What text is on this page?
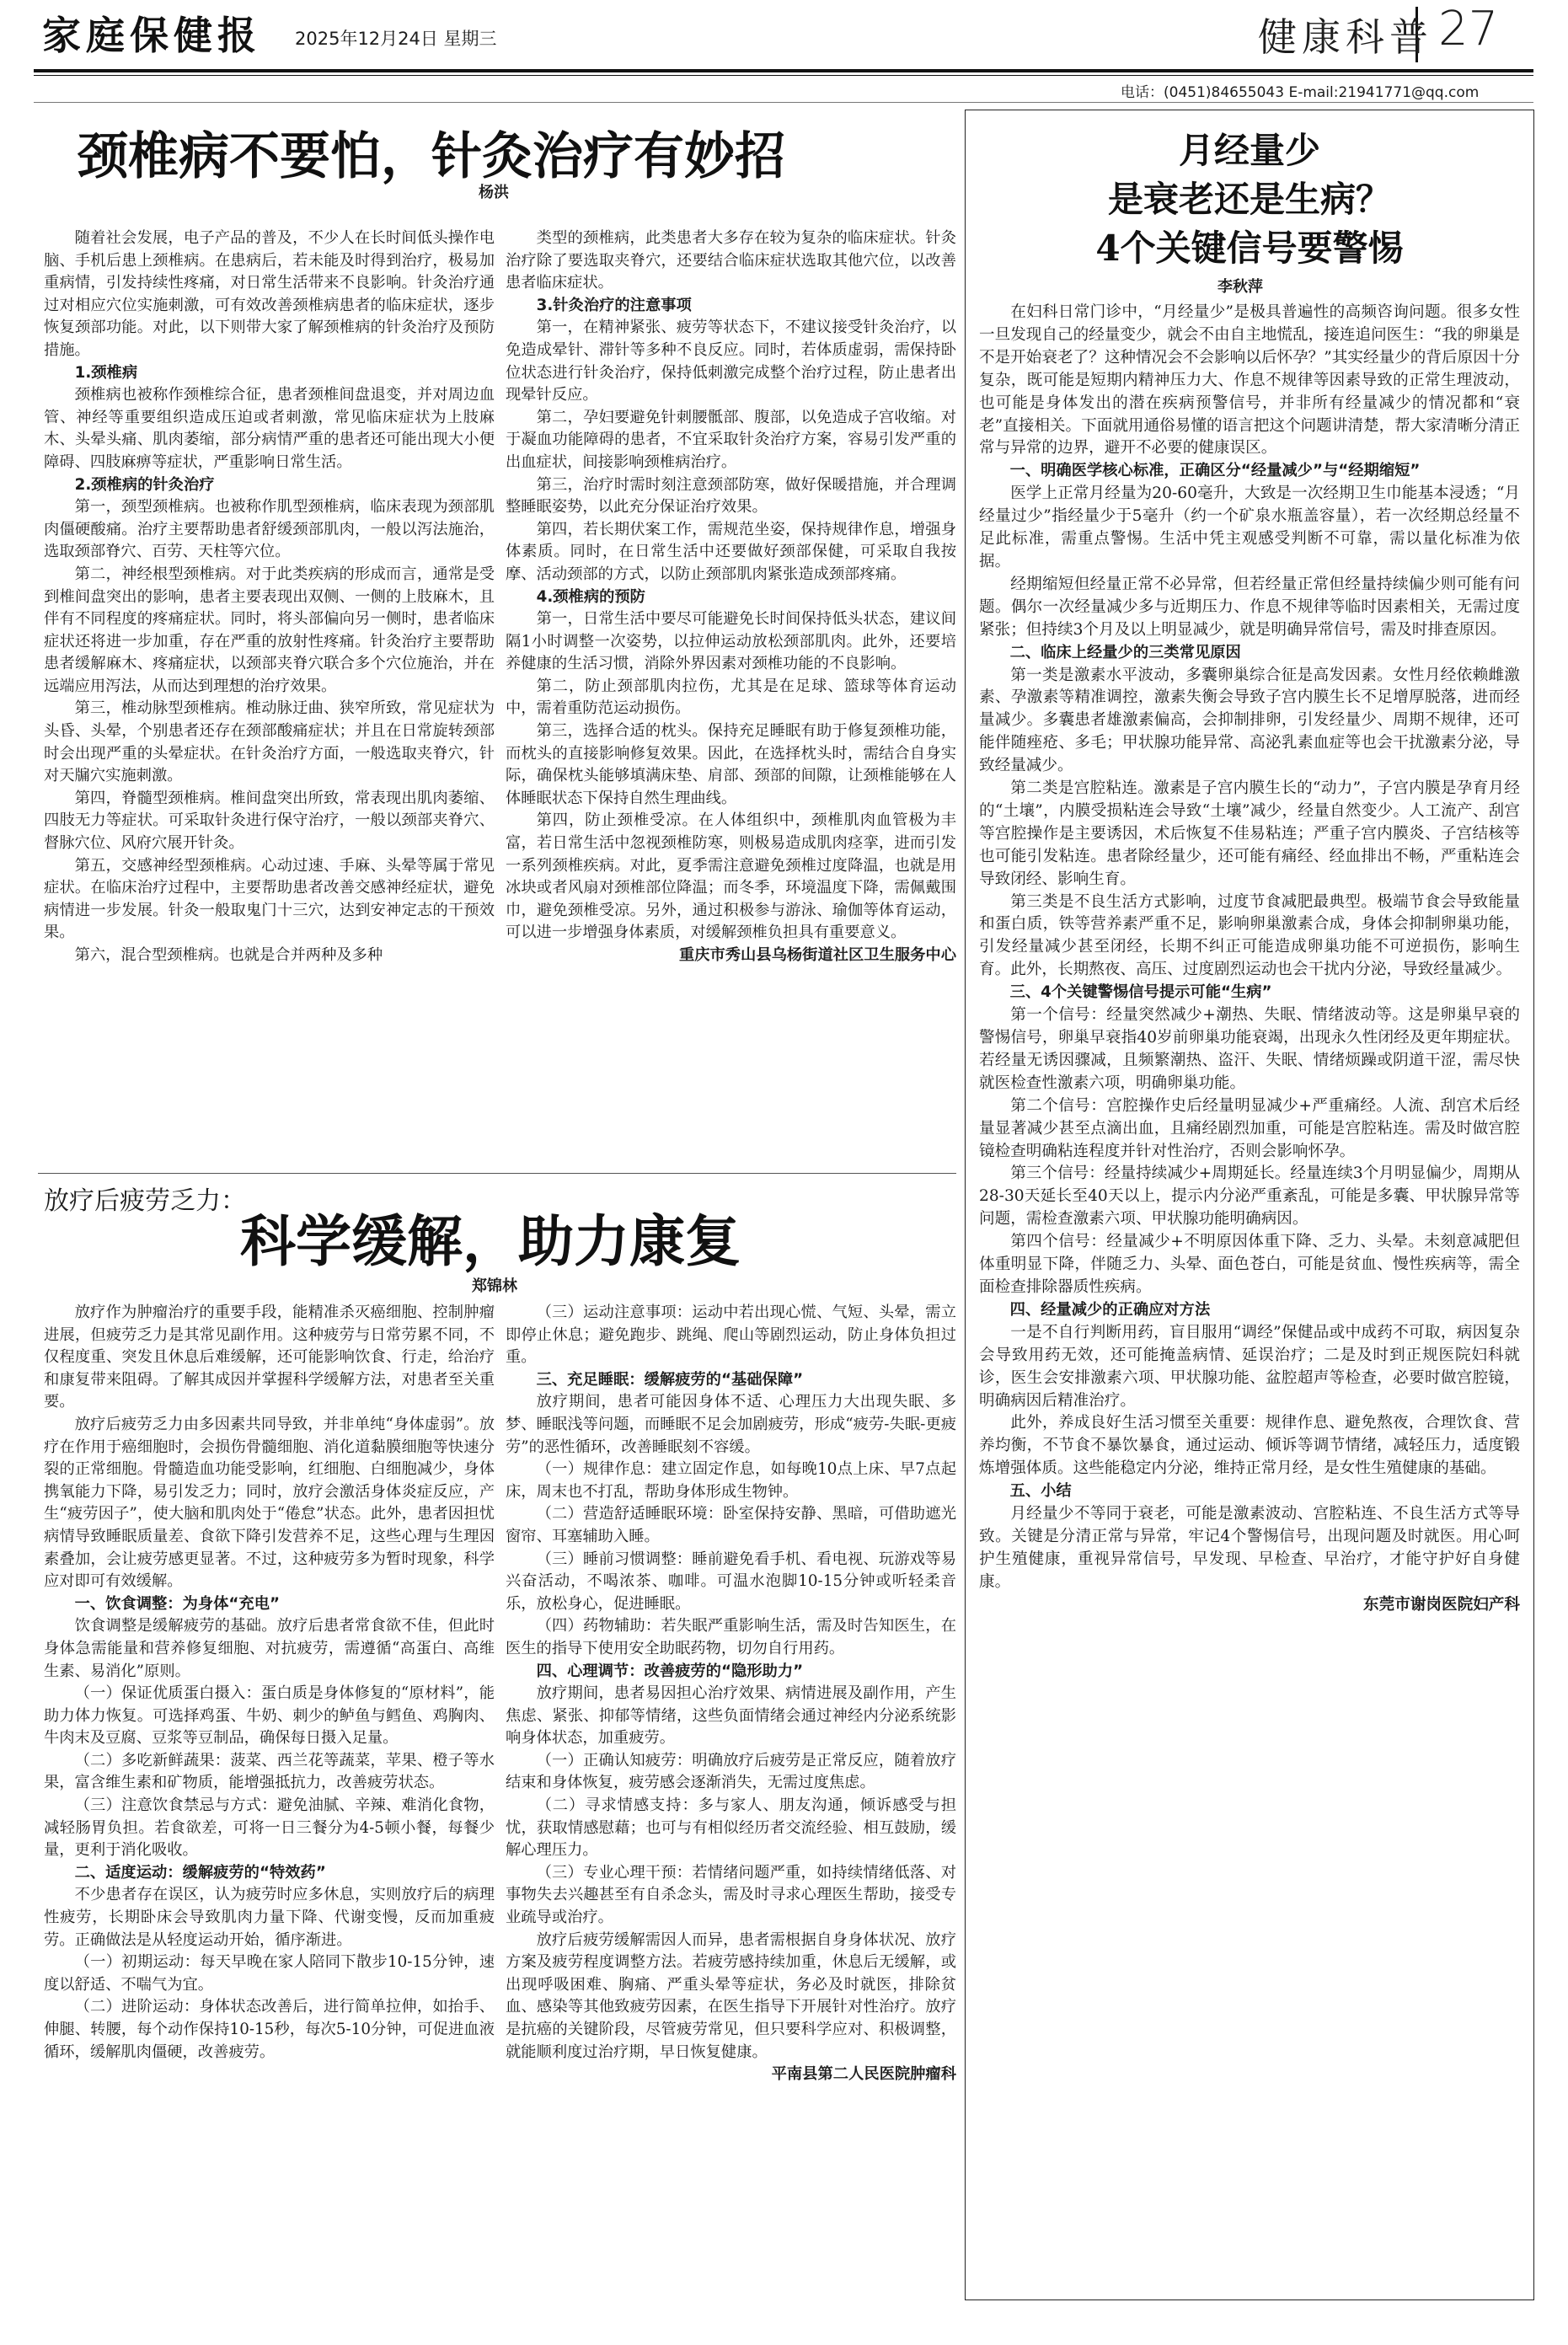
家庭保健报 2025年12月24日 星期三	健康科普 27
电话：(0451)84655043 E-mail:21941771@qq.com
颈椎病不要怕，针灸治疗有妙招
杨洪

随着社会发展，电子产品的普及，不少人在长时间低头操作电脑、手机后患上颈椎病。在患病后，若未能及时得到治疗，极易加重病情，引发持续性疼痛，对日常生活带来不良影响。针灸治疗通过对相应穴位实施刺激，可有效改善颈椎病患者的临床症状，逐步恢复颈部功能。对此，以下则带大家了解颈椎病的针灸治疗及预防措施。

1.颈椎病

颈椎病也被称作颈椎综合征，患者颈椎间盘退变，并对周边血管、神经等重要组织造成压迫或者刺激，常见临床症状为上肢麻木、头晕头痛、肌肉萎缩，部分病情严重的患者还可能出现大小便障碍、四肢麻痹等症状，严重影响日常生活。

2.颈椎病的针灸治疗

第一，颈型颈椎病。也被称作肌型颈椎病，临床表现为颈部肌肉僵硬酸痛。治疗主要帮助患者舒缓颈部肌肉，一般以泻法施治，选取颈部脊穴、百劳、天柱等穴位。

第二，神经根型颈椎病。对于此类疾病的形成而言，通常是受到椎间盘突出的影响，患者主要表现出双侧、一侧的上肢麻木，且伴有不同程度的疼痛症状。同时，将头部偏向另一侧时，患者临床症状还将进一步加重，存在严重的放射性疼痛。针灸治疗主要帮助患者缓解麻木、疼痛症状，以颈部夹脊穴联合多个穴位施治，并在远端应用泻法，从而达到理想的治疗效果。

第三，椎动脉型颈椎病。椎动脉迂曲、狭窄所致，常见症状为头昏、头晕，个别患者还存在颈部酸痛症状；并且在日常旋转颈部时会出现严重的头晕症状。在针灸治疗方面，一般选取夹脊穴，针对天牖穴实施刺激。

第四，脊髓型颈椎病。椎间盘突出所致，常表现出肌肉萎缩、四肢无力等症状。可采取针灸进行保守治疗，一般以颈部夹脊穴、督脉穴位、风府穴展开针灸。

第五，交感神经型颈椎病。心动过速、手麻、头晕等属于常见症状。在临床治疗过程中，主要帮助患者改善交感神经症状，避免病情进一步发展。针灸一般取鬼门十三穴，达到安神定志的干预效果。

第六，混合型颈椎病。也就是合并两种及多种

类型的颈椎病，此类患者大多存在较为复杂的临床症状。针灸治疗除了要选取夹脊穴，还要结合临床症状选取其他穴位，以改善患者临床症状。

3.针灸治疗的注意事项

第一，在精神紧张、疲劳等状态下，不建议接受针灸治疗，以免造成晕针、滞针等多种不良反应。同时，若体质虚弱，需保持卧位状态进行针灸治疗，保持低刺激完成整个治疗过程，防止患者出现晕针反应。

第二，孕妇要避免针刺腰骶部、腹部，以免造成子宫收缩。对于凝血功能障碍的患者，不宜采取针灸治疗方案，容易引发严重的出血症状，间接影响颈椎病治疗。

第三，治疗时需时刻注意颈部防寒，做好保暖措施，并合理调整睡眠姿势，以此充分保证治疗效果。

第四，若长期伏案工作，需规范坐姿，保持规律作息，增强身体素质。同时，在日常生活中还要做好颈部保健，可采取自我按摩、活动颈部的方式，以防止颈部肌肉紧张造成颈部疼痛。

4.颈椎病的预防

第一，日常生活中要尽可能避免长时间保持低头状态，建议间隔1小时调整一次姿势，以拉伸运动放松颈部肌肉。此外，还要培养健康的生活习惯，消除外界因素对颈椎功能的不良影响。

第二，防止颈部肌肉拉伤，尤其是在足球、篮球等体育运动中，需着重防范运动损伤。

第三，选择合适的枕头。保持充足睡眠有助于修复颈椎功能，而枕头的直接影响修复效果。因此，在选择枕头时，需结合自身实际，确保枕头能够填满床垫、肩部、颈部的间隙，让颈椎能够在人体睡眠状态下保持自然生理曲线。

第四，防止颈椎受凉。在人体组织中，颈椎肌肉血管极为丰富，若日常生活中忽视颈椎防寒，则极易造成肌肉痉挛，进而引发一系列颈椎疾病。对此，夏季需注意避免颈椎过度降温，也就是用冰块或者风扇对颈椎部位降温；而冬季，环境温度下降，需佩戴围巾，避免颈椎受凉。另外，通过积极参与游泳、瑜伽等体育运动，可以进一步增强身体素质，对缓解颈椎负担具有重要意义。

重庆市秀山县乌杨街道社区卫生服务中心

放疗后疲劳乏力：
科学缓解，助力康复
郑锦林

放疗作为肿瘤治疗的重要手段，能精准杀灭癌细胞、控制肿瘤进展，但疲劳乏力是其常见副作用。这种疲劳与日常劳累不同，不仅程度重、突发且休息后难缓解，还可能影响饮食、行走，给治疗和康复带来阻碍。了解其成因并掌握科学缓解方法，对患者至关重要。

放疗后疲劳乏力由多因素共同导致，并非单纯“身体虚弱”。放疗在作用于癌细胞时，会损伤骨髓细胞、消化道黏膜细胞等快速分裂的正常细胞。骨髓造血功能受影响，红细胞、白细胞减少，身体携氧能力下降，易引发乏力；同时，放疗会激活身体炎症反应，产生“疲劳因子”，使大脑和肌肉处于“倦怠”状态。此外，患者因担忧病情导致睡眠质量差、食欲下降引发营养不足，这些心理与生理因素叠加，会让疲劳感更显著。不过，这种疲劳多为暂时现象，科学应对即可有效缓解。

一、饮食调整：为身体“充电”

饮食调整是缓解疲劳的基础。放疗后患者常食欲不佳，但此时身体急需能量和营养修复细胞、对抗疲劳，需遵循“高蛋白、高维生素、易消化”原则。

（一）保证优质蛋白摄入：蛋白质是身体修复的“原材料”，能助力体力恢复。可选择鸡蛋、牛奶、刺少的鲈鱼与鳕鱼、鸡胸肉、牛肉末及豆腐、豆浆等豆制品，确保每日摄入足量。

（二）多吃新鲜蔬果：菠菜、西兰花等蔬菜，苹果、橙子等水果，富含维生素和矿物质，能增强抵抗力，改善疲劳状态。

（三）注意饮食禁忌与方式：避免油腻、辛辣、难消化食物，减轻肠胃负担。若食欲差，可将一日三餐分为4-5顿小餐，每餐少量，更利于消化吸收。

二、适度运动：缓解疲劳的“特效药”

不少患者存在误区，认为疲劳时应多休息，实则放疗后的病理性疲劳，长期卧床会导致肌肉力量下降、代谢变慢，反而加重疲劳。正确做法是从轻度运动开始，循序渐进。

（一）初期运动：每天早晚在家人陪同下散步10-15分钟，速度以舒适、不喘气为宜。

（二）进阶运动：身体状态改善后，进行简单拉伸，如抬手、伸腿、转腰，每个动作保持10-15秒，每次5-10分钟，可促进血液循环，缓解肌肉僵硬，改善疲劳。

（三）运动注意事项：运动中若出现心慌、气短、头晕，需立即停止休息；避免跑步、跳绳、爬山等剧烈运动，防止身体负担过重。

三、充足睡眠：缓解疲劳的“基础保障”

放疗期间，患者可能因身体不适、心理压力大出现失眠、多梦、睡眠浅等问题，而睡眠不足会加剧疲劳，形成“疲劳-失眠-更疲劳”的恶性循环，改善睡眠刻不容缓。

（一）规律作息：建立固定作息，如每晚10点上床、早7点起床，周末也不打乱，帮助身体形成生物钟。

（二）营造舒适睡眠环境：卧室保持安静、黑暗，可借助遮光窗帘、耳塞辅助入睡。

（三）睡前习惯调整：睡前避免看手机、看电视、玩游戏等易兴奋活动，不喝浓茶、咖啡。可温水泡脚10-15分钟或听轻柔音乐，放松身心，促进睡眠。

（四）药物辅助：若失眠严重影响生活，需及时告知医生，在医生的指导下使用安全助眠药物，切勿自行用药。

四、心理调节：改善疲劳的“隐形助力”

放疗期间，患者易因担心治疗效果、病情进展及副作用，产生焦虑、紧张、抑郁等情绪，这些负面情绪会通过神经内分泌系统影响身体状态，加重疲劳。

（一）正确认知疲劳：明确放疗后疲劳是正常反应，随着放疗结束和身体恢复，疲劳感会逐渐消失，无需过度焦虑。

（二）寻求情感支持：多与家人、朋友沟通，倾诉感受与担忧，获取情感慰藉；也可与有相似经历者交流经验、相互鼓励，缓解心理压力。

（三）专业心理干预：若情绪问题严重，如持续情绪低落、对事物失去兴趣甚至有自杀念头，需及时寻求心理医生帮助，接受专业疏导或治疗。

放疗后疲劳缓解需因人而异，患者需根据自身身体状况、放疗方案及疲劳程度调整方法。若疲劳感持续加重，休息后无缓解，或出现呼吸困难、胸痛、严重头晕等症状，务必及时就医，排除贫血、感染等其他致疲劳因素，在医生指导下开展针对性治疗。放疗是抗癌的关键阶段，尽管疲劳常见，但只要科学应对、积极调整，就能顺利度过治疗期，早日恢复健康。

平南县第二人民医院肿瘤科

月经量少
是衰老还是生病？
4个关键信号要警惕
李秋萍

在妇科日常门诊中，“月经量少”是极具普遍性的高频咨询问题。很多女性一旦发现自己的经量变少，就会不由自主地慌乱，接连追问医生：“我的卵巢是不是开始衰老了？这种情况会不会影响以后怀孕？”其实经量少的背后原因十分复杂，既可能是短期内精神压力大、作息不规律等因素导致的正常生理波动，也可能是身体发出的潜在疾病预警信号，并非所有经量减少的情况都和“衰老”直接相关。下面就用通俗易懂的语言把这个问题讲清楚，帮大家清晰分清正常与异常的边界，避开不必要的健康误区。

一、明确医学核心标准，正确区分“经量减少”与“经期缩短”

医学上正常月经量为20-60毫升，大致是一次经期卫生巾能基本浸透；“月经量过少”指经量少于5毫升（约一个矿泉水瓶盖容量），若一次经期总经量不足此标准，需重点警惕。生活中凭主观感受判断不可靠，需以量化标准为依据。

经期缩短但经量正常不必异常，但若经量正常但经量持续偏少则可能有问题。偶尔一次经量减少多与近期压力、作息不规律等临时因素相关，无需过度紧张；但持续3个月及以上明显减少，就是明确异常信号，需及时排查原因。

二、临床上经量少的三类常见原因

第一类是激素水平波动，多囊卵巢综合征是高发因素。女性月经依赖雌激素、孕激素等精准调控，激素失衡会导致子宫内膜生长不足增厚脱落，进而经量减少。多囊患者雄激素偏高，会抑制排卵，引发经量少、周期不规律，还可能伴随痤疮、多毛；甲状腺功能异常、高泌乳素血症等也会干扰激素分泌，导致经量减少。

第二类是宫腔粘连。激素是子宫内膜生长的“动力”，子宫内膜是孕育月经的“土壤”，内膜受损粘连会导致“土壤”减少，经量自然变少。人工流产、刮宫等宫腔操作是主要诱因，术后恢复不佳易粘连；严重子宫内膜炎、子宫结核等也可能引发粘连。患者除经量少，还可能有痛经、经血排出不畅，严重粘连会导致闭经、影响生育。

第三类是不良生活方式影响，过度节食减肥最典型。极端节食会导致能量和蛋白质，铁等营养素严重不足，影响卵巢激素合成，身体会抑制卵巢功能，引发经量减少甚至闭经，长期不纠正可能造成卵巢功能不可逆损伤，影响生育。此外，长期熬夜、高压、过度剧烈运动也会干扰内分泌，导致经量减少。

三、4个关键警惕信号提示可能“生病”

第一个信号：经量突然减少+潮热、失眠、情绪波动等。这是卵巢早衰的警惕信号，卵巢早衰指40岁前卵巢功能衰竭，出现永久性闭经及更年期症状。若经量无诱因骤减，且频繁潮热、盗汗、失眠、情绪烦躁或阴道干涩，需尽快就医检查性激素六项，明确卵巢功能。

第二个信号：宫腔操作史后经量明显减少+严重痛经。人流、刮宫术后经量显著减少甚至点滴出血，且痛经剧烈加重，可能是宫腔粘连。需及时做宫腔镜检查明确粘连程度并针对性治疗，否则会影响怀孕。

第三个信号：经量持续减少+周期延长。经量连续3个月明显偏少，周期从28-30天延长至40天以上，提示内分泌严重紊乱，可能是多囊、甲状腺异常等问题，需检查激素六项、甲状腺功能明确病因。

第四个信号：经量减少+不明原因体重下降、乏力、头晕。未刻意减肥但体重明显下降，伴随乏力、头晕、面色苍白，可能是贫血、慢性疾病等，需全面检查排除器质性疾病。

四、经量减少的正确应对方法

一是不自行判断用药，盲目服用“调经”保健品或中成药不可取，病因复杂会导致用药无效，还可能掩盖病情、延误治疗；二是及时到正规医院妇科就诊，医生会安排激素六项、甲状腺功能、盆腔超声等检查，必要时做宫腔镜，明确病因后精准治疗。

此外，养成良好生活习惯至关重要：规律作息、避免熬夜，合理饮食、营养均衡，不节食不暴饮暴食，通过运动、倾诉等调节情绪，减轻压力，适度锻炼增强体质。这些能稳定内分泌，维持正常月经，是女性生殖健康的基础。

五、小结

月经量少不等同于衰老，可能是激素波动、宫腔粘连、不良生活方式等导致。关键是分清正常与异常，牢记4个警惕信号，出现问题及时就医。用心呵护生殖健康，重视异常信号，早发现、早检查、早治疗，才能守护好自身健康。

东莞市谢岗医院妇产科
